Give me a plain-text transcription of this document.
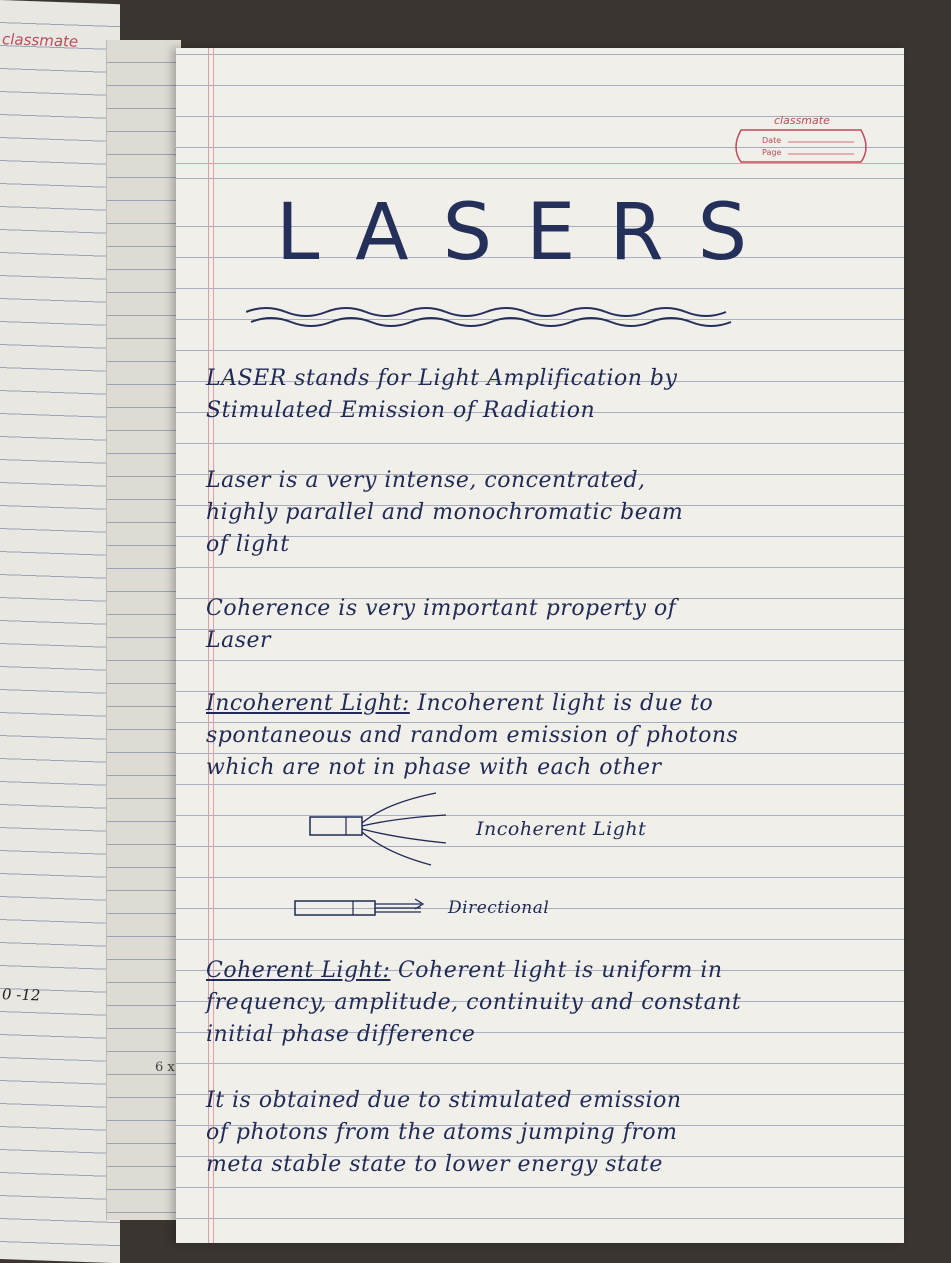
classmate
0 -12
6 x
classmate
Date
Page
LASERS
LASER stands for Light Amplification by
Stimulated Emission of Radiation
Laser is a very intense, concentrated,
highly parallel and monochromatic beam
of light
Coherence is very important property of
Laser
Incoherent Light: Incoherent light is due to
spontaneous and random emission of photons
which are not in phase with each other
Incoherent Light
Directional
Coherent Light: Coherent light is uniform in
frequency, amplitude, continuity and constant
initial phase difference
It is obtained due to stimulated emission
of photons from the atoms jumping from
meta stable state to lower energy state
